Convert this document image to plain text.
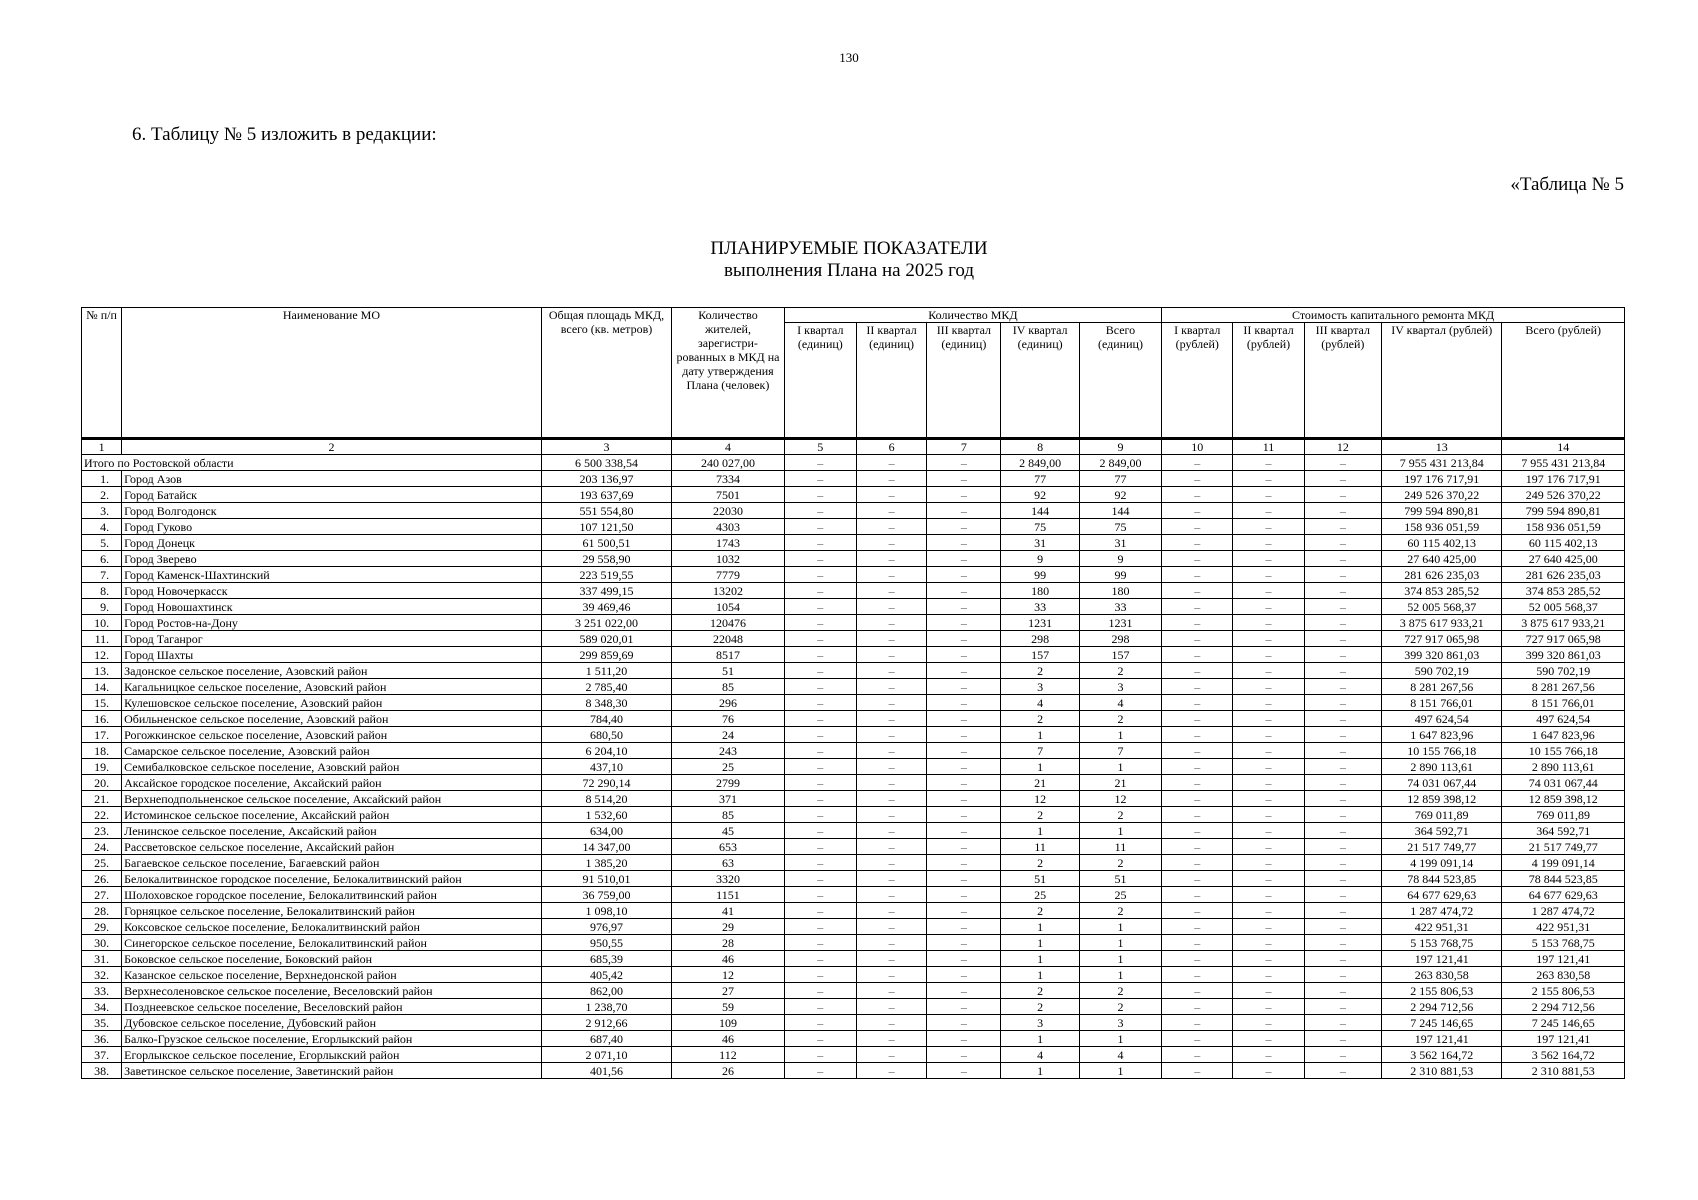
130
6. Таблицу № 5 изложить в редакции:
«Таблица № 5
ПЛАНИРУЕМЫЕ ПОКАЗАТЕЛИ
выполнения Плана на 2025 год
№ п/п	Наименование МО	Общая площадь МКД, всего (кв. метров)	Количество жителей, зарегистри-рованных в МКД на дату утверждения Плана (человек)	Количество МКД					Стоимость капитального ремонта МКД				
				I квартал (единиц)	II квартал (единиц)	III квартал (единиц)	IV квартал (единиц)	Всего (единиц)	I квартал (рублей)	II квартал (рублей)	III квартал (рублей)	IV квартал (рублей)	Всего (рублей)
1	2	3	4	5	6	7	8	9	10	11	12	13	14
Итого по Ростовской области		6 500 338,54	240 027,00	–	–	–	2 849,00	2 849,00	–	–	–	7 955 431 213,84	7 955 431 213,84
1.	Город Азов	203 136,97	7334	–	–	–	77	77	–	–	–	197 176 717,91	197 176 717,91
2.	Город Батайск	193 637,69	7501	–	–	–	92	92	–	–	–	249 526 370,22	249 526 370,22
3.	Город Волгодонск	551 554,80	22030	–	–	–	144	144	–	–	–	799 594 890,81	799 594 890,81
4.	Город Гуково	107 121,50	4303	–	–	–	75	75	–	–	–	158 936 051,59	158 936 051,59
5.	Город Донецк	61 500,51	1743	–	–	–	31	31	–	–	–	60 115 402,13	60 115 402,13
6.	Город Зверево	29 558,90	1032	–	–	–	9	9	–	–	–	27 640 425,00	27 640 425,00
7.	Город Каменск-Шахтинский	223 519,55	7779	–	–	–	99	99	–	–	–	281 626 235,03	281 626 235,03
8.	Город Новочеркасск	337 499,15	13202	–	–	–	180	180	–	–	–	374 853 285,52	374 853 285,52
9.	Город Новошахтинск	39 469,46	1054	–	–	–	33	33	–	–	–	52 005 568,37	52 005 568,37
10.	Город Ростов-на-Дону	3 251 022,00	120476	–	–	–	1231	1231	–	–	–	3 875 617 933,21	3 875 617 933,21
11.	Город Таганрог	589 020,01	22048	–	–	–	298	298	–	–	–	727 917 065,98	727 917 065,98
12.	Город Шахты	299 859,69	8517	–	–	–	157	157	–	–	–	399 320 861,03	399 320 861,03
13.	Задонское сельское поселение, Азовский район	1 511,20	51	–	–	–	2	2	–	–	–	590 702,19	590 702,19
14.	Кагальницкое сельское поселение, Азовский район	2 785,40	85	–	–	–	3	3	–	–	–	8 281 267,56	8 281 267,56
15.	Кулешовское сельское поселение, Азовский район	8 348,30	296	–	–	–	4	4	–	–	–	8 151 766,01	8 151 766,01
16.	Обильненское сельское поселение, Азовский район	784,40	76	–	–	–	2	2	–	–	–	497 624,54	497 624,54
17.	Рогожкинское сельское поселение, Азовский район	680,50	24	–	–	–	1	1	–	–	–	1 647 823,96	1 647 823,96
18.	Самарское сельское поселение, Азовский район	6 204,10	243	–	–	–	7	7	–	–	–	10 155 766,18	10 155 766,18
19.	Семибалковское сельское поселение, Азовский район	437,10	25	–	–	–	1	1	–	–	–	2 890 113,61	2 890 113,61
20.	Аксайское городское поселение, Аксайский район	72 290,14	2799	–	–	–	21	21	–	–	–	74 031 067,44	74 031 067,44
21.	Верхнеподпольненское сельское поселение, Аксайский район	8 514,20	371	–	–	–	12	12	–	–	–	12 859 398,12	12 859 398,12
22.	Истоминское сельское поселение, Аксайский район	1 532,60	85	–	–	–	2	2	–	–	–	769 011,89	769 011,89
23.	Ленинское сельское поселение, Аксайский район	634,00	45	–	–	–	1	1	–	–	–	364 592,71	364 592,71
24.	Рассветовское сельское поселение, Аксайский район	14 347,00	653	–	–	–	11	11	–	–	–	21 517 749,77	21 517 749,77
25.	Багаевское сельское поселение, Багаевский район	1 385,20	63	–	–	–	2	2	–	–	–	4 199 091,14	4 199 091,14
26.	Белокалитвинское городское поселение, Белокалитвинский район	91 510,01	3320	–	–	–	51	51	–	–	–	78 844 523,85	78 844 523,85
27.	Шолоховское городское поселение, Белокалитвинский район	36 759,00	1151	–	–	–	25	25	–	–	–	64 677 629,63	64 677 629,63
28.	Горняцкое сельское поселение, Белокалитвинский район	1 098,10	41	–	–	–	2	2	–	–	–	1 287 474,72	1 287 474,72
29.	Коксовское сельское поселение, Белокалитвинский район	976,97	29	–	–	–	1	1	–	–	–	422 951,31	422 951,31
30.	Синегорское сельское поселение, Белокалитвинский район	950,55	28	–	–	–	1	1	–	–	–	5 153 768,75	5 153 768,75
31.	Боковское сельское поселение, Боковский район	685,39	46	–	–	–	1	1	–	–	–	197 121,41	197 121,41
32.	Казанское сельское поселение, Верхнедонской район	405,42	12	–	–	–	1	1	–	–	–	263 830,58	263 830,58
33.	Верхнесоленовское сельское поселение, Веселовский район	862,00	27	–	–	–	2	2	–	–	–	2 155 806,53	2 155 806,53
34.	Позднеевское сельское поселение, Веселовский район	1 238,70	59	–	–	–	2	2	–	–	–	2 294 712,56	2 294 712,56
35.	Дубовское сельское поселение, Дубовский район	2 912,66	109	–	–	–	3	3	–	–	–	7 245 146,65	7 245 146,65
36.	Балко-Грузское сельское поселение, Егорлыкский район	687,40	46	–	–	–	1	1	–	–	–	197 121,41	197 121,41
37.	Егорлыкское сельское поселение, Егорлыкский район	2 071,10	112	–	–	–	4	4	–	–	–	3 562 164,72	3 562 164,72
38.	Заветинское сельское поселение, Заветинский район	401,56	26	–	–	–	1	1	–	–	–	2 310 881,53	2 310 881,53
